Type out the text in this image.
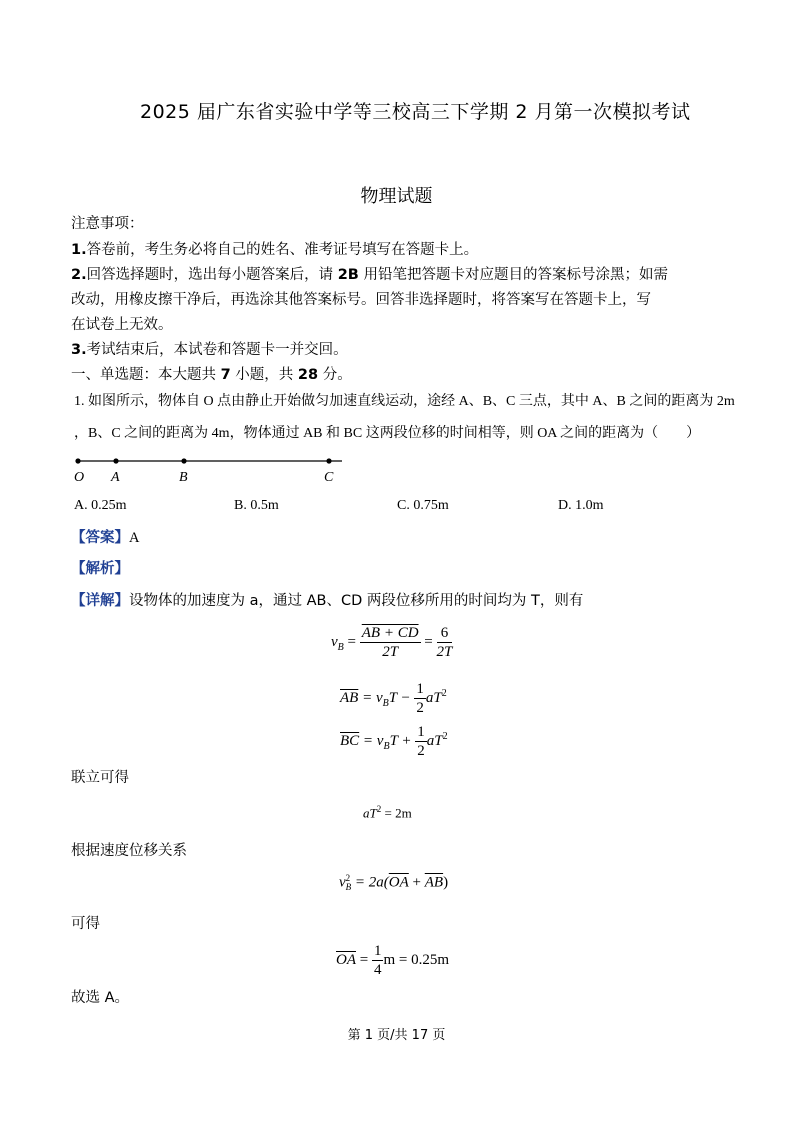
2025 届广东省实验中学等三校高三下学期 2 月第一次模拟考试
物理试题
注意事项：
1.答卷前，考生务必将自己的姓名、准考证号填写在答题卡上。
2.回答选择题时，选出每小题答案后，请 2B 用铅笔把答题卡对应题目的答案标号涂黑；如需
改动，用橡皮擦干净后，再选涂其他答案标号。回答非选择题时，将答案写在答题卡上，写
在试卷上无效。
3.考试结束后，本试卷和答题卡一并交回。
一、单选题：本大题共 7 小题，共 28 分。
1. 如图所示，物体自 O 点由静止开始做匀加速直线运动，途经 A、B、C 三点，其中 A、B 之间的距离为 2m
，B、C 之间的距离为 4m，物体通过 AB 和 BC 这两段位移的时间相等，则 OA 之间的距离为（　　）
O A	B	C
A. 0.25m	B. 0.5m	C. 0.75m	D. 1.0m
【答案】A
【解析】
【详解】设物体的加速度为 a，通过 AB、CD 两段位移所用的时间均为 T，则有
$v_B = \frac{AB + CD}{2T} = \frac{6}{2T}$
$\overline{AB} = v_BT - \frac{1}{2} aT^2$
$\overline{BC} = v_BT + \frac{1}{2} aT^2$
联立可得
$aT^2 = 2m$
根据速度位移关系
v 2
$B = 2a(\overline{OA} + \overline{AB})$
可得
$\overline{OA} = \frac{1}{4}$ m = 0.25m
故选 A。
第 1 页/共 17 页
